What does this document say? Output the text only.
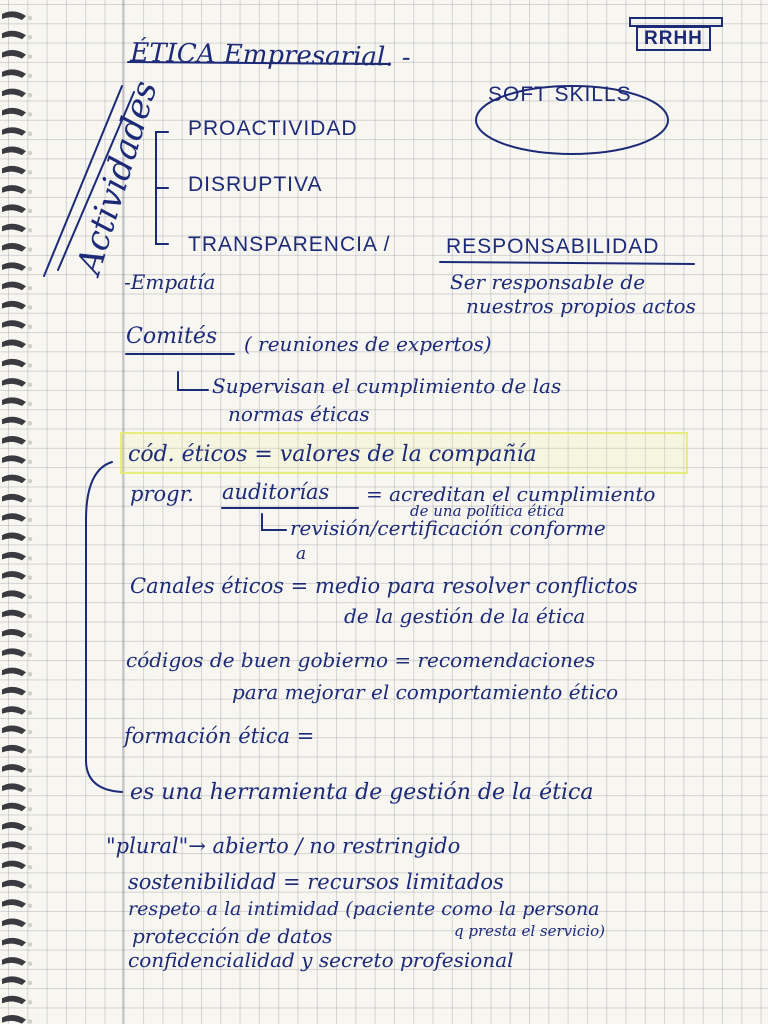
ÉTICA Empresarial. -	RRHH
SOFT SKILLS
Actividades PROACTIVIDAD
DISRUPTIVA
TRANSPARENCIA /	RESPONSABILIDAD
Ser responsable de
nuestros propios actos
-Empatía
Comités ( reuniones de expertos)
Supervisan el cumplimiento de las
normas éticas
cód. éticos = valores de la compañía
progr. auditorías = acreditan el cumplimiento
de una política ética
revisión/certificación conforme
a
Canales éticos = medio para resolver conflictos
de la gestión de la ética
códigos de buen gobierno = recomendaciones
para mejorar el comportamiento ético
formación ética =
es una herramienta de gestión de la ética
"plural"→ abierto / no restringido
sostenibilidad = recursos limitados
respeto a la intimidad (paciente como la persona
q presta el servicio)
protección de datos
confidencialidad y secreto profesional
